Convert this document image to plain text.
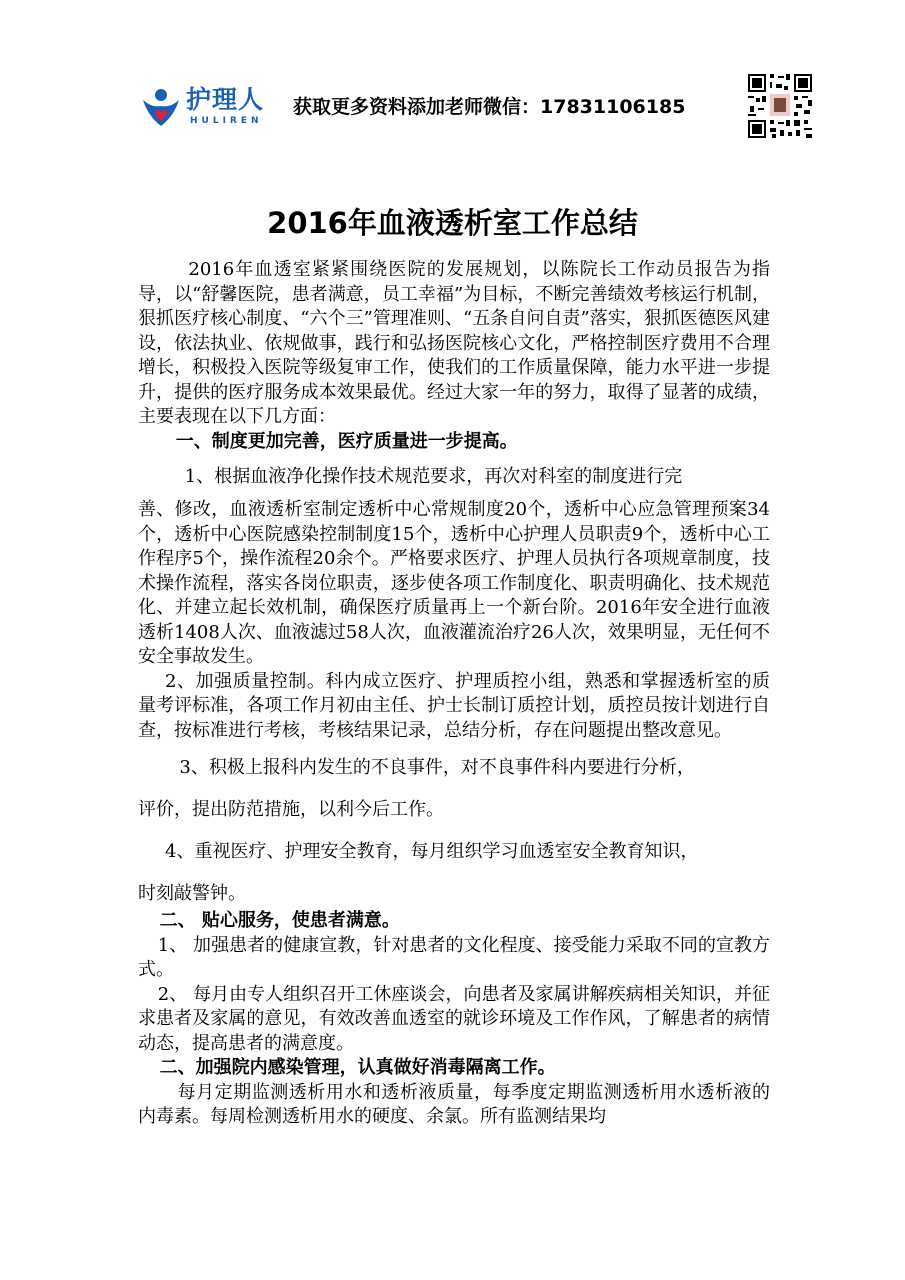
护理人
HULIREN
获取更多资料添加老师微信：17831106185
2016年血液透析室工作总结

2016年血透室紧紧围绕医院的发展规划，以陈院长工作动员报告为指导，以“舒馨医院，患者满意，员工幸福”为目标，不断完善绩效考核运行机制，狠抓医疗核心制度、“六个三”管理准则、“五条自问自责”落实，狠抓医德医风建设，依法执业、依规做事，践行和弘扬医院核心文化，严格控制医疗费用不合理增长，积极投入医院等级复审工作，使我们的工作质量保障，能力水平进一步提升，提供的医疗服务成本效果最优。经过大家一年的努力，取得了显著的成绩，主要表现在以下几方面：

一、制度更加完善，医疗质量进一步提高。

1、根据血液净化操作技术规范要求，再次对科室的制度进行完

善、修改，血液透析室制定透析中心常规制度20个，透析中心应急管理预案34个，透析中心医院感染控制制度15个，透析中心护理人员职责9个，透析中心工作程序5个，操作流程20余个。严格要求医疗、护理人员执行各项规章制度，技术操作流程，落实各岗位职责，逐步使各项工作制度化、职责明确化、技术规范化、并建立起长效机制，确保医疗质量再上一个新台阶。2016年安全进行血液透析1408人次、血液滤过58人次，血液灌流治疗26人次，效果明显，无任何不安全事故发生。

2、加强质量控制。科内成立医疗、护理质控小组，熟悉和掌握透析室的质量考评标准，各项工作月初由主任、护士长制订质控计划，质控员按计划进行自查，按标准进行考核，考核结果记录，总结分析，存在问题提出整改意见。

3、积极上报科内发生的不良事件，对不良事件科内要进行分析，

评价，提出防范措施，以利今后工作。

4、重视医疗、护理安全教育，每月组织学习血透室安全教育知识，

时刻敲警钟。

二、 贴心服务，使患者满意。

1、 加强患者的健康宣教，针对患者的文化程度、接受能力采取不同的宣教方式。

2、 每月由专人组织召开工休座谈会，向患者及家属讲解疾病相关知识，并征求患者及家属的意见，有效改善血透室的就诊环境及工作作风，了解患者的病情动态，提高患者的满意度。

二、加强院内感染管理，认真做好消毒隔离工作。

每月定期监测透析用水和透析液质量，每季度定期监测透析用水透析液的内毒素。每周检测透析用水的硬度、余氯。所有监测结果均
